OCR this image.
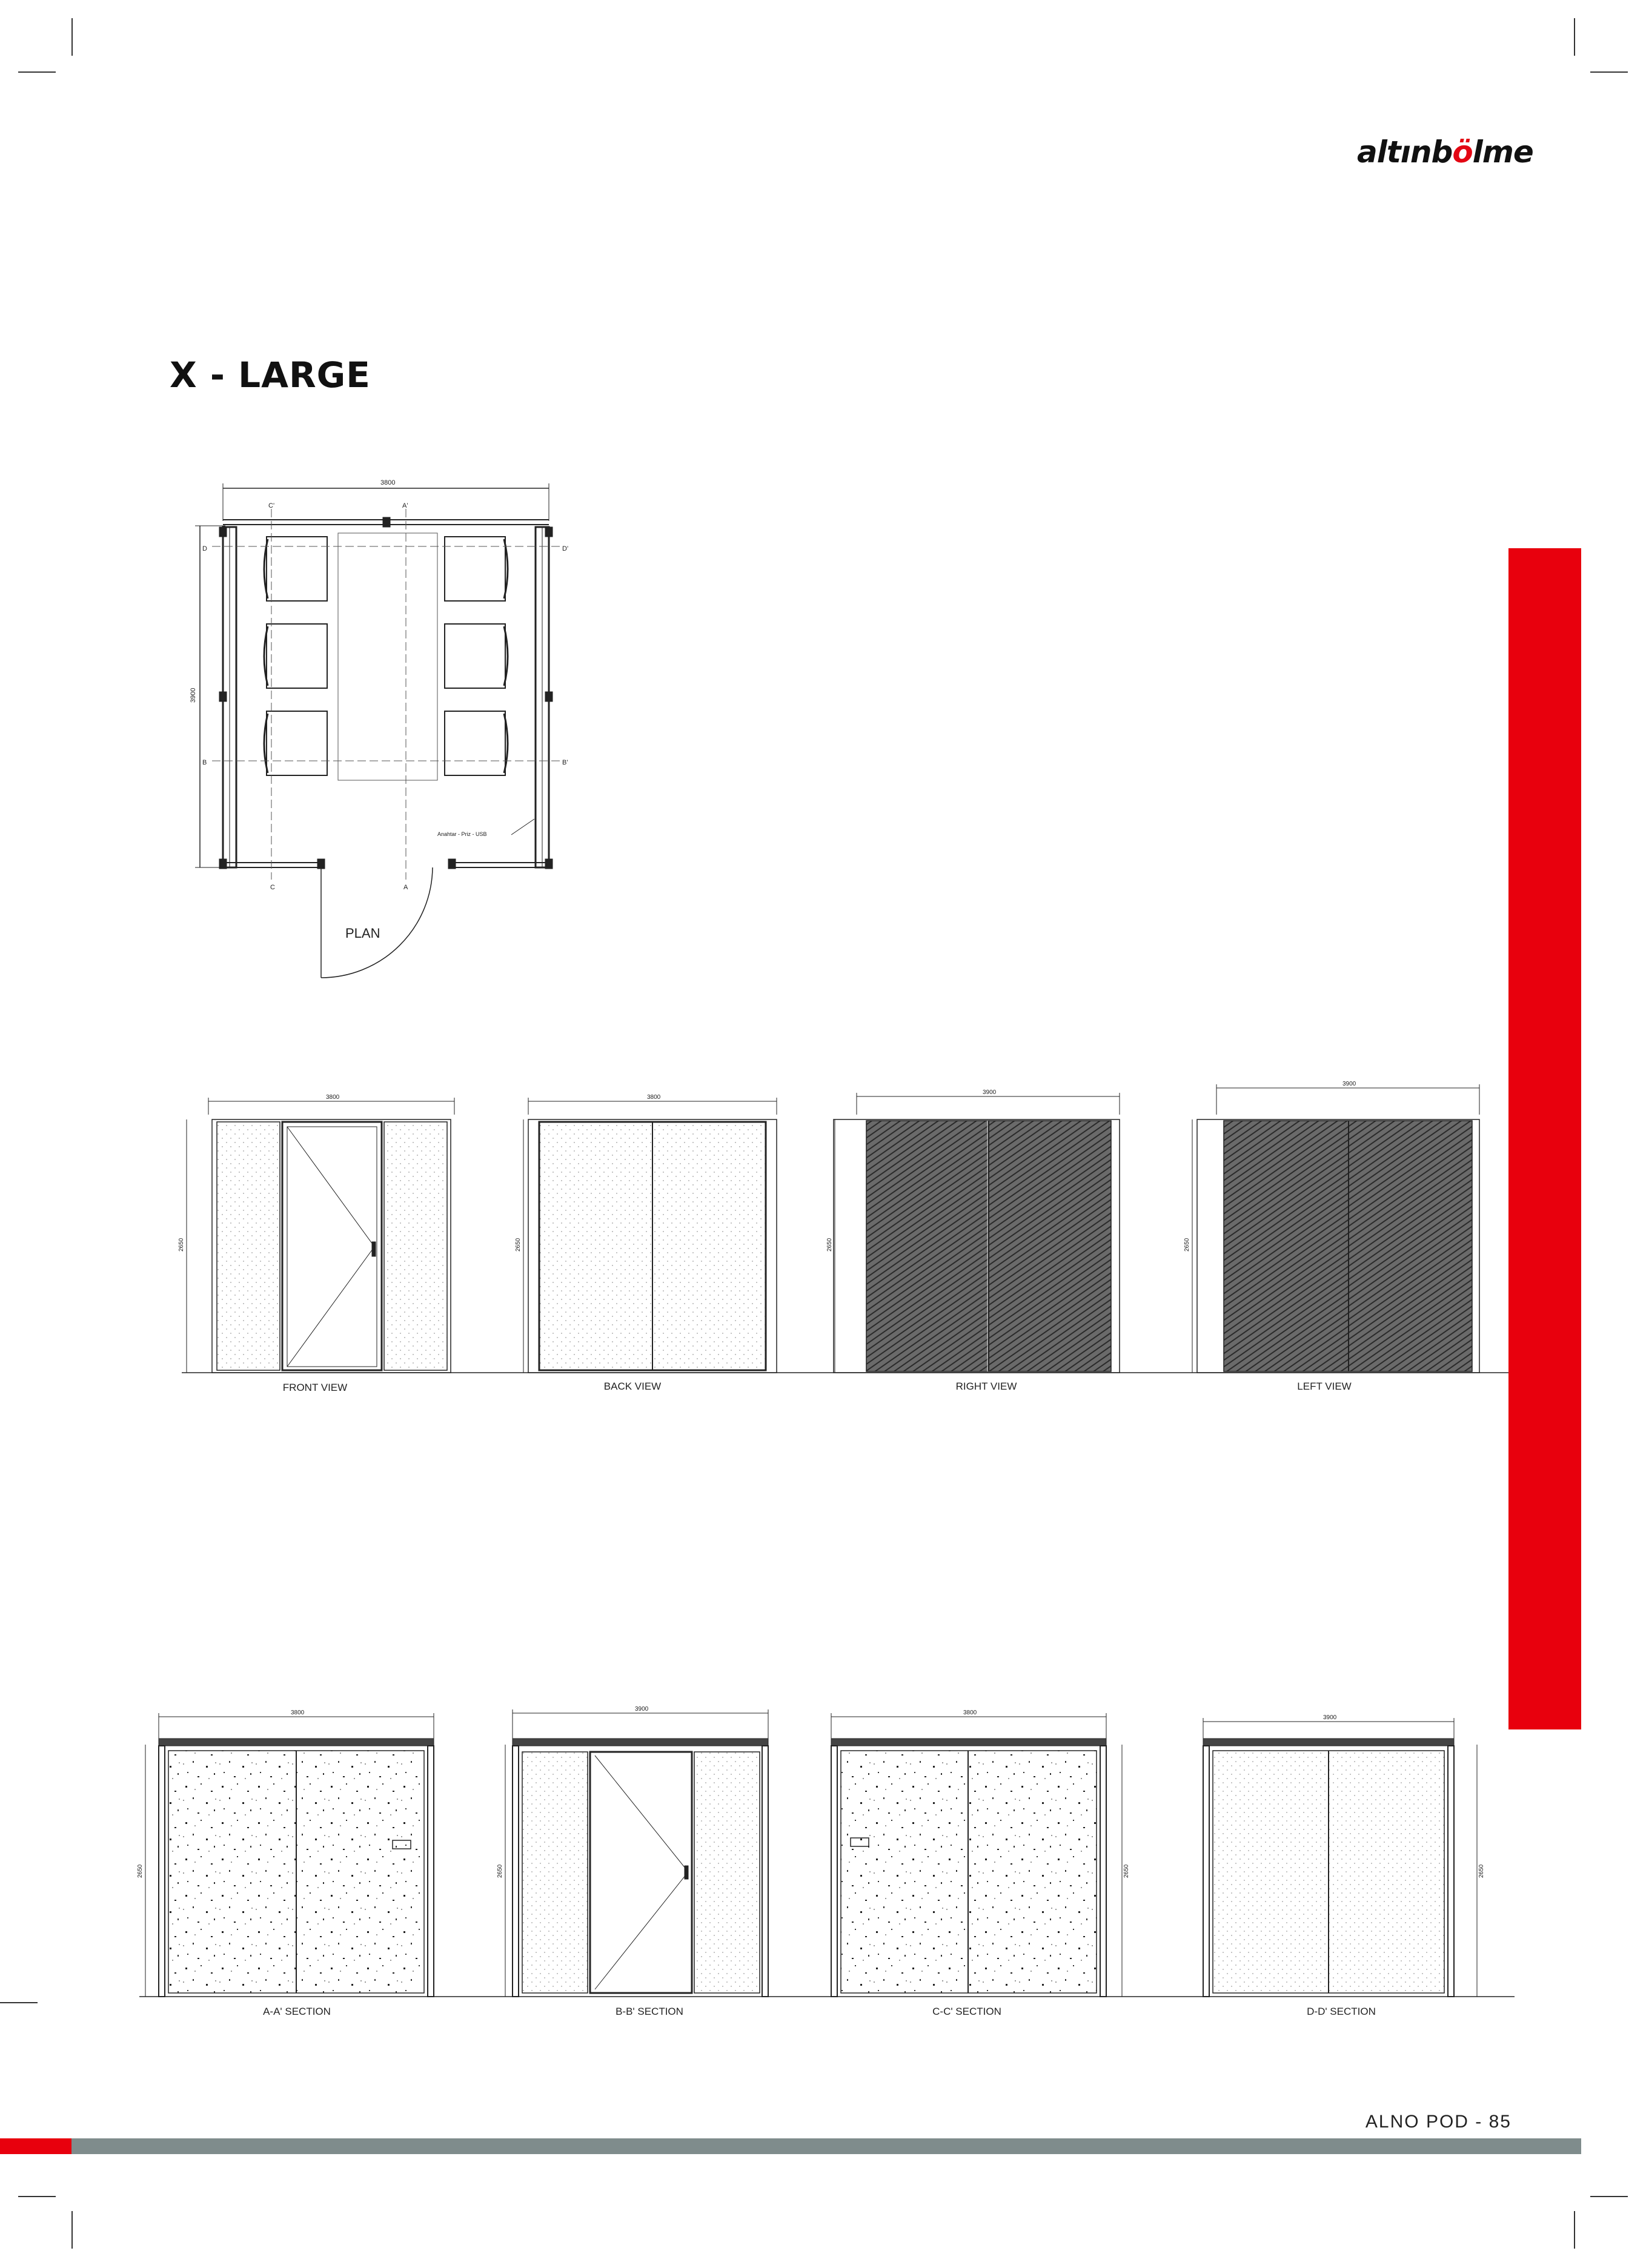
altınbölme
X - LARGE
3800
3900
C'	A'
D	D'
B	B'
C	A
Anahtar - Priz - USB
PLAN
3800
2650
3800
2650
3900
2650
3900
2650
FRONT VIEW	BACK VIEW	RIGHT VIEW	LEFT VIEW
3800
2650
3900
2650
3800
2650
3900
2650
A-A' SECTION	B-B' SECTION	C-C' SECTION	D-D' SECTION
ALNO POD - 85
